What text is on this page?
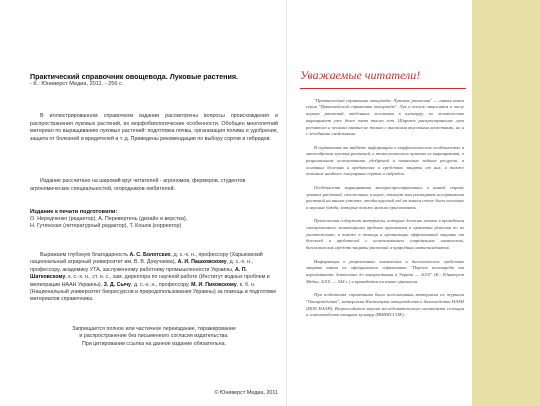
Практический справочник овощевода. Луковые растения.

- К.: Юниверст Медиа, 2011. - 256 с.

В иллюстрированном справочном издании рассмотрены вопросы происхождения и распространения луковых растений, их морфобиологические особенности. Обобщен многолетний материал по выращиванию луковых растений: подготовка почвы, организация полива и удобрения, защита от болезней и вредителей и т. д. Приведены рекомендации по выбору сортов и гибридов.

Издание рассчитано на широкий круг читателей - агрономов, фермеров, студентов агрономических специальностей, огородников-любителей.

Издание к печати подготовили:

О. Нередченко (редактор), А. Перевертень (дизайн и верстка),
Н. Гутянская (литературный редактор), Т. Кошок (корректор)

Выражаем глубокую благодарность А. С. Болотских, д. с.-х. н., профессору (Харьковский национальный аграрный университет им. В. В. Докучаева), А. И. Пашковскому, д. с.-х. н., профессору, академику УТА, заслуженному работнику промышленности Украины, А. П. Шатковскому, к. с.-х. н., ст. н. с., зам. директора по научной работе (Институт водных проблем и мелиорации НААН Украины), З. Д. Сычу, д. с.-х. н., профессору, М. И. Пиковскому, к. б. н. (Национальный университет биоресурсов и природопользования Украины) за помощь в подготовке материалов справочника.

Запрещается полное или частичное переиздание, тиражирование
и распространение без письменного согласия издательства.
При цитировании ссылка на данное издание обязательна.

© Юниверст Медиа, 2011

Уважаемые читатели!

"Практический справочник овощевода. Луковые растения" — пятая книга серии "Практический справочник овощевода". Лук и чеснок относятся к числу первых растений, введенных человеком в культуру, их человечество выращивает уже более пяти тысяч лет. Широкое распространение лука репчатого и чеснока связано не только с высокими вкусовыми качествами, но и с лечебными свойствами.

В справочнике вы найдете информацию о морфологических особенностях и многообразии луковых растений, о технологических приемах их выращивания, о рациональном использовании удобрений и почвенных водных ресурсов, и основных болезнях и вредителях и средствах защиты от них, а также описание наиболее популярных сортов и гибридов.

Особенности выращивания малораспространенных в нашей стране луковых растений, изложенные в книге, помогут вам расширить ассортимент растений на вашем участке, чтобы круглый год на вашем столе было полезные и вкусные блюда, которые также можно приготовить.

Приложения содержат материалы, которые должны помочь в проведении своевременного мониторинга вредных организмов и принятии решения по их уничтожению, а также в помощь в организации эффективной защиты от болезней и вредителей с использованием современных химических, биологических средств защиты растений и природных антиоксидантов.

Информация о разрешенных химических и биологических средствах защиты взята из официального справочника "Перелік пестицидів та агрохімікатів, дозволених до використання в Україні — 2010" (К.: Юниверст Медиа, 2010. — 544 с.) и приводится на языке оригинала.

При подготовке справочника были использованы материалы из журнала "Овощеводство", материалы Института овощеводства и бахчеводства НААН (ИОБ НААН), Всероссийского научно-исследовательского института селекции и семеноводства овощных культур (ВНИИССОК).
